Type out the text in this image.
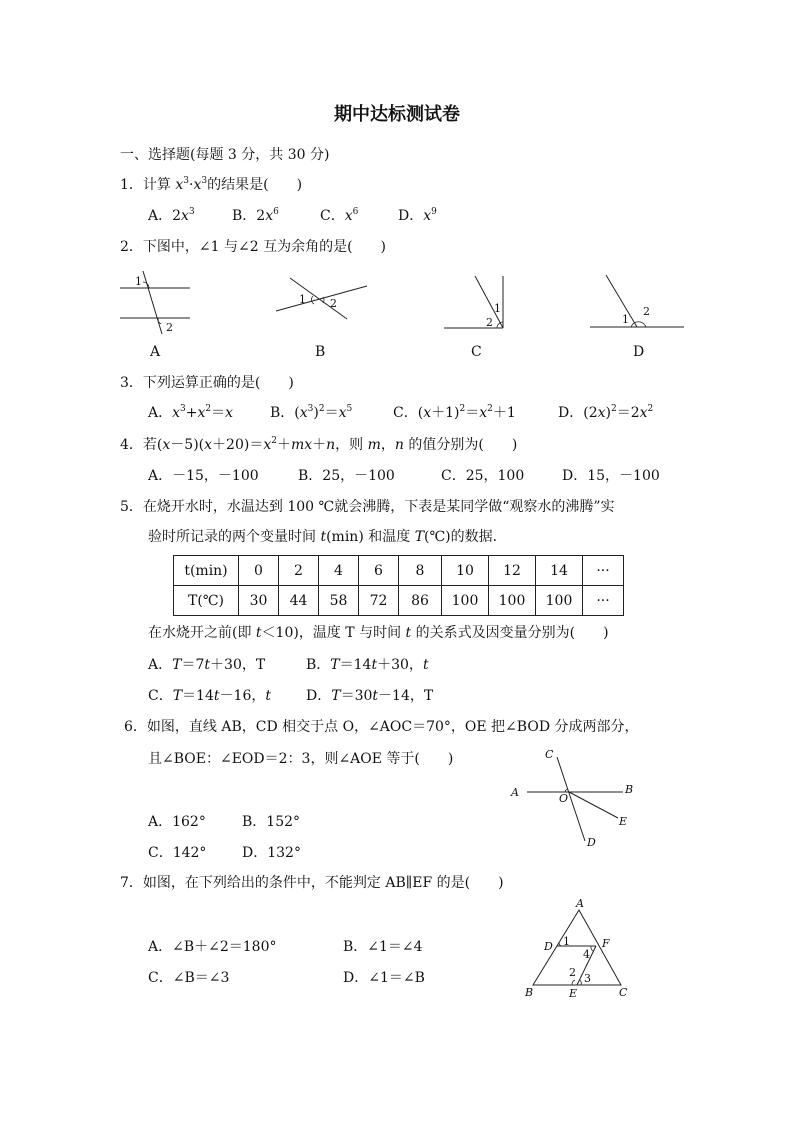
期中达标测试卷
一、选择题(每题 3 分，共 30 分)
1．计算 $x^3\cdot x^3$的结果是(　　)
A．$2x^3$	B．$2x^6$	C．$x^6$	D．$x^9$
2．下图中，∠1 与∠2 互为余角的是(　　)
1
2
1 2	1
2	1
2
A	B	C	D
3．下列运算正确的是(　　)
A．$x^3+x^2=x$	B．$(x^3)^2=x^5$	C．$(x+1)^2=x^2+1$	D．$(2x)^2=2x^2$
4．若$(x-5)(x+20)=x^2+mx+n$，则 m，n 的值分别为(　　)
A．－15，－100	B．25，－100	C．25，100	D．15，－100
5．在烧开水时，水温达到 100 ℃就会沸腾，下表是某同学做“观察水的沸腾”实
验时所记录的两个变量时间 t(min) 和温度 T(℃)的数据．
t(min)	0	2	4	6	8	10	12	14	···
T(℃)	30	44	58	72	86	100	100	100	···
在水烧开之前(即 t＜10)，温度 T 与时间 t 的关系式及因变量分别为(　　)
A．T＝7t＋30，T	B．T＝14t＋30，t
C．T＝14t－16，t	D．T＝30t－14，T
6．如图，直线 AB，CD 相交于点 O，∠AOC＝70°，OE 把∠BOD 分成两部分，
且∠BOE：∠EOD＝2：3，则∠AOE 等于(　　)
A	B
C
D
E
O
A．162°	B．152°
C．142°	D．132°
7．如图，在下列给出的条件中，不能判定 AB∥EF 的是(　　)
A
B	C
D
E
F
1
2 3
4
A．∠B＋∠2＝180°	B．∠1＝∠4
C．∠B＝∠3	D．∠1＝∠B
